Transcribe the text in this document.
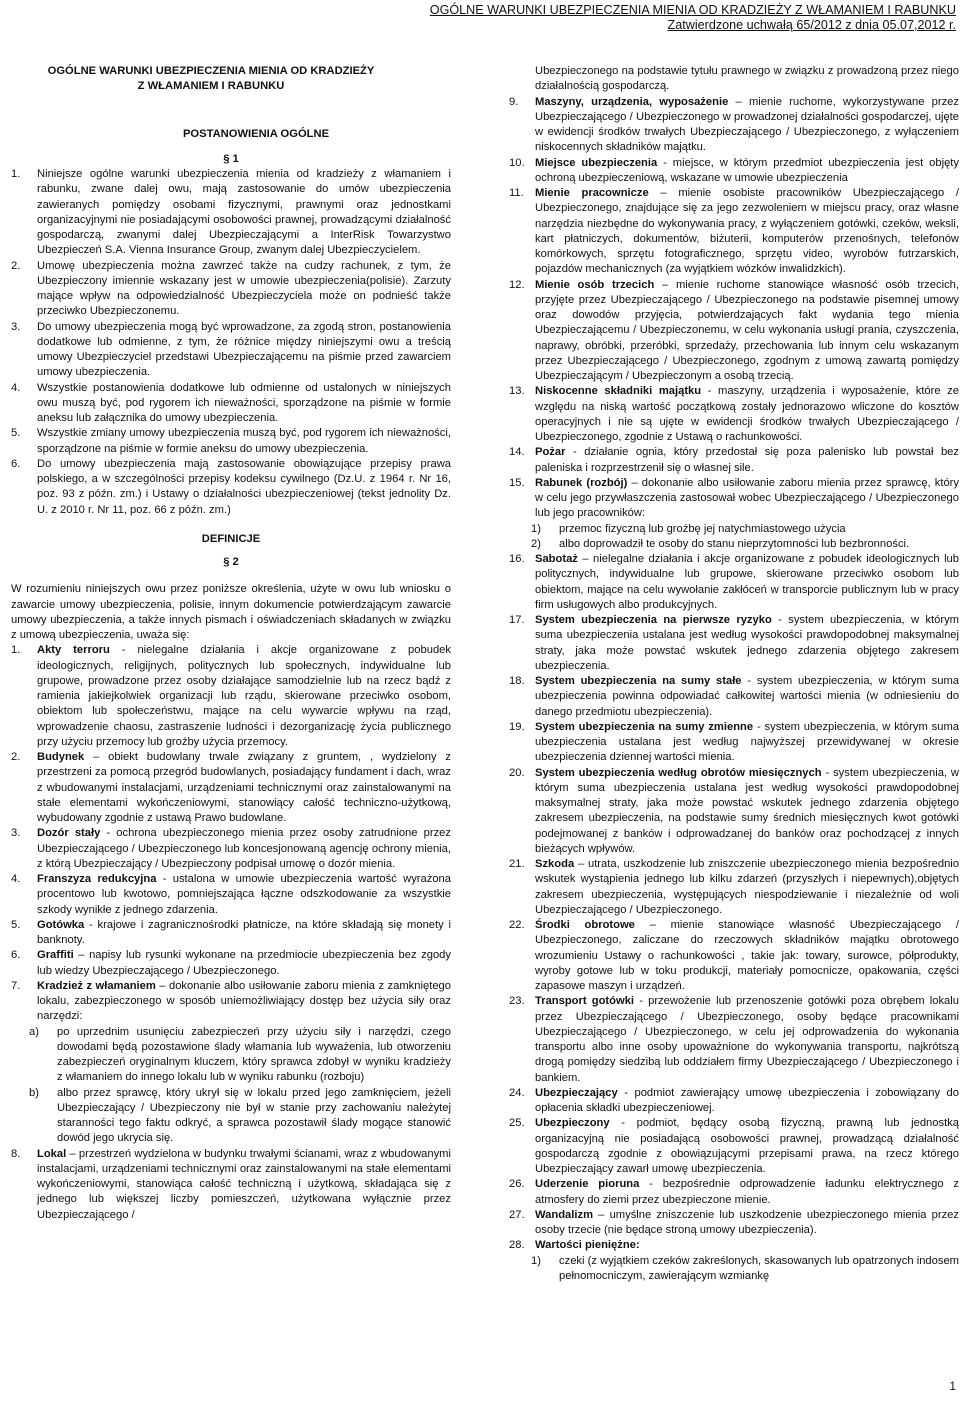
OGÓLNE WARUNKI UBEZPIECZENIA MIENIA OD KRADZIEŻY Z WŁAMANIEM I RABUNKU
Zatwierdzone uchwałą 65/2012 z dnia 05.07,2012 r.
OGÓLNE WARUNKI UBEZPIECZENIA MIENIA OD KRADZIEŻY
Z WŁAMANIEM I RABUNKU
POSTANOWIENIA OGÓLNE
§ 1
1. Niniejsze ogólne warunki ubezpieczenia mienia od kradzieży z włamaniem i rabunku, zwane dalej owu, mają zastosowanie do umów ubezpieczenia zawieranych pomiędzy osobami fizycznymi, prawnymi oraz jednostkami organizacyjnymi nie posiadającymi osobowości prawnej, prowadzącymi działalność gospodarczą, zwanymi dalej Ubezpieczającymi a InterRisk Towarzystwo Ubezpieczeń S.A. Vienna Insurance Group, zwanym dalej Ubezpieczycielem.
2. Umowę ubezpieczenia można zawrzeć także na cudzy rachunek, z tym, że Ubezpieczony imiennie wskazany jest w umowie ubezpieczenia(polisie). Zarzuty mające wpływ na odpowiedzialność Ubezpieczyciela może on podnieść także przeciwko Ubezpieczonemu.
3. Do umowy ubezpieczenia mogą być wprowadzone, za zgodą stron, postanowienia dodatkowe lub odmienne, z tym, że różnice między niniejszymi owu a treścią umowy Ubezpieczyciel przedstawi Ubezpieczającemu na piśmie przed zawarciem umowy ubezpieczenia.
4. Wszystkie postanowienia dodatkowe lub odmienne od ustalonych w niniejszych owu muszą być, pod rygorem ich nieważności, sporządzone na piśmie w formie aneksu lub załącznika do umowy ubezpieczenia.
5. Wszystkie zmiany umowy ubezpieczenia muszą być, pod rygorem ich nieważności, sporządzone na piśmie w formie aneksu do umowy ubezpieczenia.
6. Do umowy ubezpieczenia mają zastosowanie obowiązujące przepisy prawa polskiego, a w szczególności przepisy kodeksu cywilnego (Dz.U. z 1964 r. Nr 16, poz. 93 z późn. zm.) i Ustawy o działalności ubezpieczeniowej (tekst jednolity Dz. U. z 2010 r. Nr 11, poz. 66 z późn. zm.)
DEFINICJE
§ 2
W rozumieniu niniejszych owu przez poniższe określenia, użyte w owu lub wniosku o zawarcie umowy ubezpieczenia, polisie, innym dokumencie potwierdzającym zawarcie umowy ubezpieczenia, a także innych pismach i oświadczeniach składanych w związku z umową ubezpieczenia, uważa się:
1. Akty terroru - nielegalne działania i akcje organizowane z pobudek ideologicznych, religijnych, politycznych lub społecznych, indywidualne lub grupowe, prowadzone przez osoby działające samodzielnie lub na rzecz bądź z ramienia jakiejkolwiek organizacji lub rządu, skierowane przeciwko osobom, obiektom lub społeczeństwu, mające na celu wywarcie wpływu na rząd, wprowadzenie chaosu, zastraszenie ludności i dezorganizację życia publicznego przy użyciu przemocy lub groźby użycia przemocy.
2. Budynek – obiekt budowlany trwale związany z gruntem, , wydzielony z przestrzeni za pomocą przegród budowlanych, posiadający fundament i dach, wraz z wbudowanymi instalacjami, urządzeniami technicznymi oraz zainstalowanymi na stałe elementami wykończeniowymi, stanowiący całość techniczno-użytkową, wybudowany zgodnie z ustawą Prawo budowlane.
3. Dozór stały - ochrona ubezpieczonego mienia przez osoby zatrudnione przez Ubezpieczającego / Ubezpieczonego lub koncesjonowaną agencję ochrony mienia, z którą Ubezpieczający / Ubezpieczony podpisał umowę o dozór mienia.
4. Franszyza redukcyjna - ustalona w umowie ubezpieczenia wartość wyrażona procentowo lub kwotowo, pomniejszająca łączne odszkodowanie za wszystkie szkody wynikłe z jednego zdarzenia.
5. Gotówka - krajowe i zagranicznośrodki płatnicze, na które składają się monety i banknoty.
6. Graffiti – napisy lub rysunki wykonane na przedmiocie ubezpieczenia bez zgody lub wiedzy Ubezpieczającego / Ubezpieczonego.
7. Kradzież z włamaniem – dokonanie albo usiłowanie zaboru mienia z zamkniętego lokalu, zabezpieczonego w sposób uniemożliwiający dostęp bez użycia siły oraz narzędzi:
a) po uprzednim usunięciu zabezpieczeń przy użyciu siły i narzędzi, czego dowodami będą pozostawione ślady włamania lub wyważenia, lub otworzeniu zabezpieczeń oryginalnym kluczem, który sprawca zdobył w wyniku kradzieży z włamaniem do innego lokalu lub w wyniku rabunku (rozboju)
b) albo przez sprawcę, który ukrył się w lokalu przed jego zamknięciem, jeżeli Ubezpieczający / Ubezpieczony nie był w stanie przy zachowaniu należytej staranności tego faktu odkryć, a sprawca pozostawił ślady mogące stanowić dowód jego ukrycia się.
8. Lokal – przestrzeń wydzielona w budynku trwałymi ścianami, wraz z wbudowanymi instalacjami, urządzeniami technicznymi oraz zainstalowanymi na stałe elementami wykończeniowymi, stanowiąca całość techniczną i użytkową, składająca się z jednego lub większej liczby pomieszczeń, użytkowana wyłącznie przez Ubezpieczającego /
Ubezpieczonego na podstawie tytułu prawnego w związku z prowadzoną przez niego działalnością gospodarczą.
9. Maszyny, urządzenia, wyposażenie – mienie ruchome, wykorzystywane przez Ubezpieczającego / Ubezpieczonego w prowadzonej działalności gospodarczej, ujęte w ewidencji środków trwałych Ubezpieczającego / Ubezpieczonego, z wyłączeniem niskocennych składników majątku.
10. Miejsce ubezpieczenia - miejsce, w którym przedmiot ubezpieczenia jest objęty ochroną ubezpieczeniową, wskazane w umowie ubezpieczenia
11. Mienie pracownicze – mienie osobiste pracowników Ubezpieczającego / Ubezpieczonego, znajdujące się za jego zezwoleniem w miejscu pracy, oraz własne narzędzia niezbędne do wykonywania pracy, z wyłączeniem gotówki, czeków, weksli, kart płatniczych, dokumentów, biżuterii, komputerów przenośnych, telefonów komórkowych, sprzętu fotograficznego, sprzętu video, wyrobów futrzarskich, pojazdów mechanicznych (za wyjątkiem wózków inwalidzkich).
12. Mienie osób trzecich – mienie ruchome stanowiące własność osób trzecich, przyjęte przez Ubezpieczającego / Ubezpieczonego na podstawie pisemnej umowy oraz dowodów przyjęcia, potwierdzających fakt wydania tego mienia Ubezpieczającemu / Ubezpieczonemu, w celu wykonania usługi prania, czyszczenia, naprawy, obróbki, przeróbki, sprzedaży, przechowania lub innym celu wskazanym przez Ubezpieczającego / Ubezpieczonego, zgodnym z umową zawartą pomiędzy Ubezpieczającym / Ubezpieczonym a osobą trzecią.
13. Niskocenne składniki majątku - maszyny, urządzenia i wyposażenie, które ze względu na niską wartość początkową zostały jednorazowo wliczone do kosztów operacyjnych i nie są ujęte w ewidencji środków trwałych Ubezpieczającego / Ubezpieczonego, zgodnie z Ustawą o rachunkowości.
14. Pożar - działanie ognia, który przedostał się poza palenisko lub powstał bez paleniska i rozprzestrzenił się o własnej sile.
15. Rabunek (rozbój) – dokonanie albo usiłowanie zaboru mienia przez sprawcę, który w celu jego przywłaszczenia zastosował wobec Ubezpieczającego / Ubezpieczonego lub jego pracowników:
1) przemoc fizyczną lub groźbę jej natychmiastowego użycia
2) albo doprowadził te osoby do stanu nieprzytomności lub bezbronności.
16. Sabotaż – nielegalne działania i akcje organizowane z pobudek ideologicznych lub politycznych, indywidualne lub grupowe, skierowane przeciwko osobom lub obiektom, mające na celu wywołanie zakłóceń w transporcie publicznym lub w pracy firm usługowych albo produkcyjnych.
17. System ubezpieczenia na pierwsze ryzyko - system ubezpieczenia, w którym suma ubezpieczenia ustalana jest według wysokości prawdopodobnej maksymalnej straty, jaka może powstać wskutek jednego zdarzenia objętego zakresem ubezpieczenia.
18. System ubezpieczenia na sumy stałe - system ubezpieczenia, w którym suma ubezpieczenia powinna odpowiadać całkowitej wartości mienia (w odniesieniu do danego przedmiotu ubezpieczenia).
19. System ubezpieczenia na sumy zmienne - system ubezpieczenia, w którym suma ubezpieczenia ustalana jest według najwyższej przewidywanej w okresie ubezpieczenia dziennej wartości mienia.
20. System ubezpieczenia według obrotów miesięcznych - system ubezpieczenia, w którym suma ubezpieczenia ustalana jest według wysokości prawdopodobnej maksymalnej straty, jaka może powstać wskutek jednego zdarzenia objętego zakresem ubezpieczenia, na podstawie sumy średnich miesięcznych kwot gotówki podejmowanej z banków i odprowadzanej do banków oraz pochodzącej z innych bieżących wpływów.
21. Szkoda – utrata, uszkodzenie lub zniszczenie ubezpieczonego mienia bezpośrednio wskutek wystąpienia jednego lub kilku zdarzeń (przyszłych i niepewnych),objętych zakresem ubezpieczenia, występujących niespodziewanie i niezależnie od woli Ubezpieczającego / Ubezpieczonego.
22. Środki obrotowe – mienie stanowiące własność Ubezpieczającego / Ubezpieczonego, zaliczane do rzeczowych składników majątku obrotowego wrozumieniu Ustawy o rachunkowości , takie jak: towary, surowce, półprodukty, wyroby gotowe lub w toku produkcji, materiały pomocnicze, opakowania, części zapasowe maszyn i urządzeń.
23. Transport gotówki - przewożenie lub przenoszenie gotówki poza obrębem lokalu przez Ubezpieczającego / Ubezpieczonego, osoby będące pracownikami Ubezpieczającego / Ubezpieczonego, w celu jej odprowadzenia do wykonania transportu albo inne osoby upoważnione do wykonywania transportu, najkrótszą drogą pomiędzy siedzibą lub oddziałem firmy Ubezpieczającego / Ubezpieczonego i bankiem.
24. Ubezpieczający - podmiot zawierający umowę ubezpieczenia i zobowiązany do opłacenia składki ubezpieczeniowej.
25. Ubezpieczony - podmiot, będący osobą fizyczną, prawną lub jednostką organizacyjną nie posiadającą osobowości prawnej, prowadzącą działalność gospodarczą zgodnie z obowiązującymi przepisami prawa, na rzecz którego Ubezpieczający zawarł umowę ubezpieczenia.
26. Uderzenie pioruna - bezpośrednie odprowadzenie ładunku elektrycznego z atmosfery do ziemi przez ubezpieczone mienie.
27. Wandalizm – umyślne zniszczenie lub uszkodzenie ubezpieczonego mienia przez osoby trzecie (nie będące stroną umowy ubezpieczenia).
28. Wartości pieniężne:
1) czeki (z wyjątkiem czeków zakreślonych, skasowanych lub opatrzonych indosem pełnomocniczym, zawierającym wzmiankę
1
